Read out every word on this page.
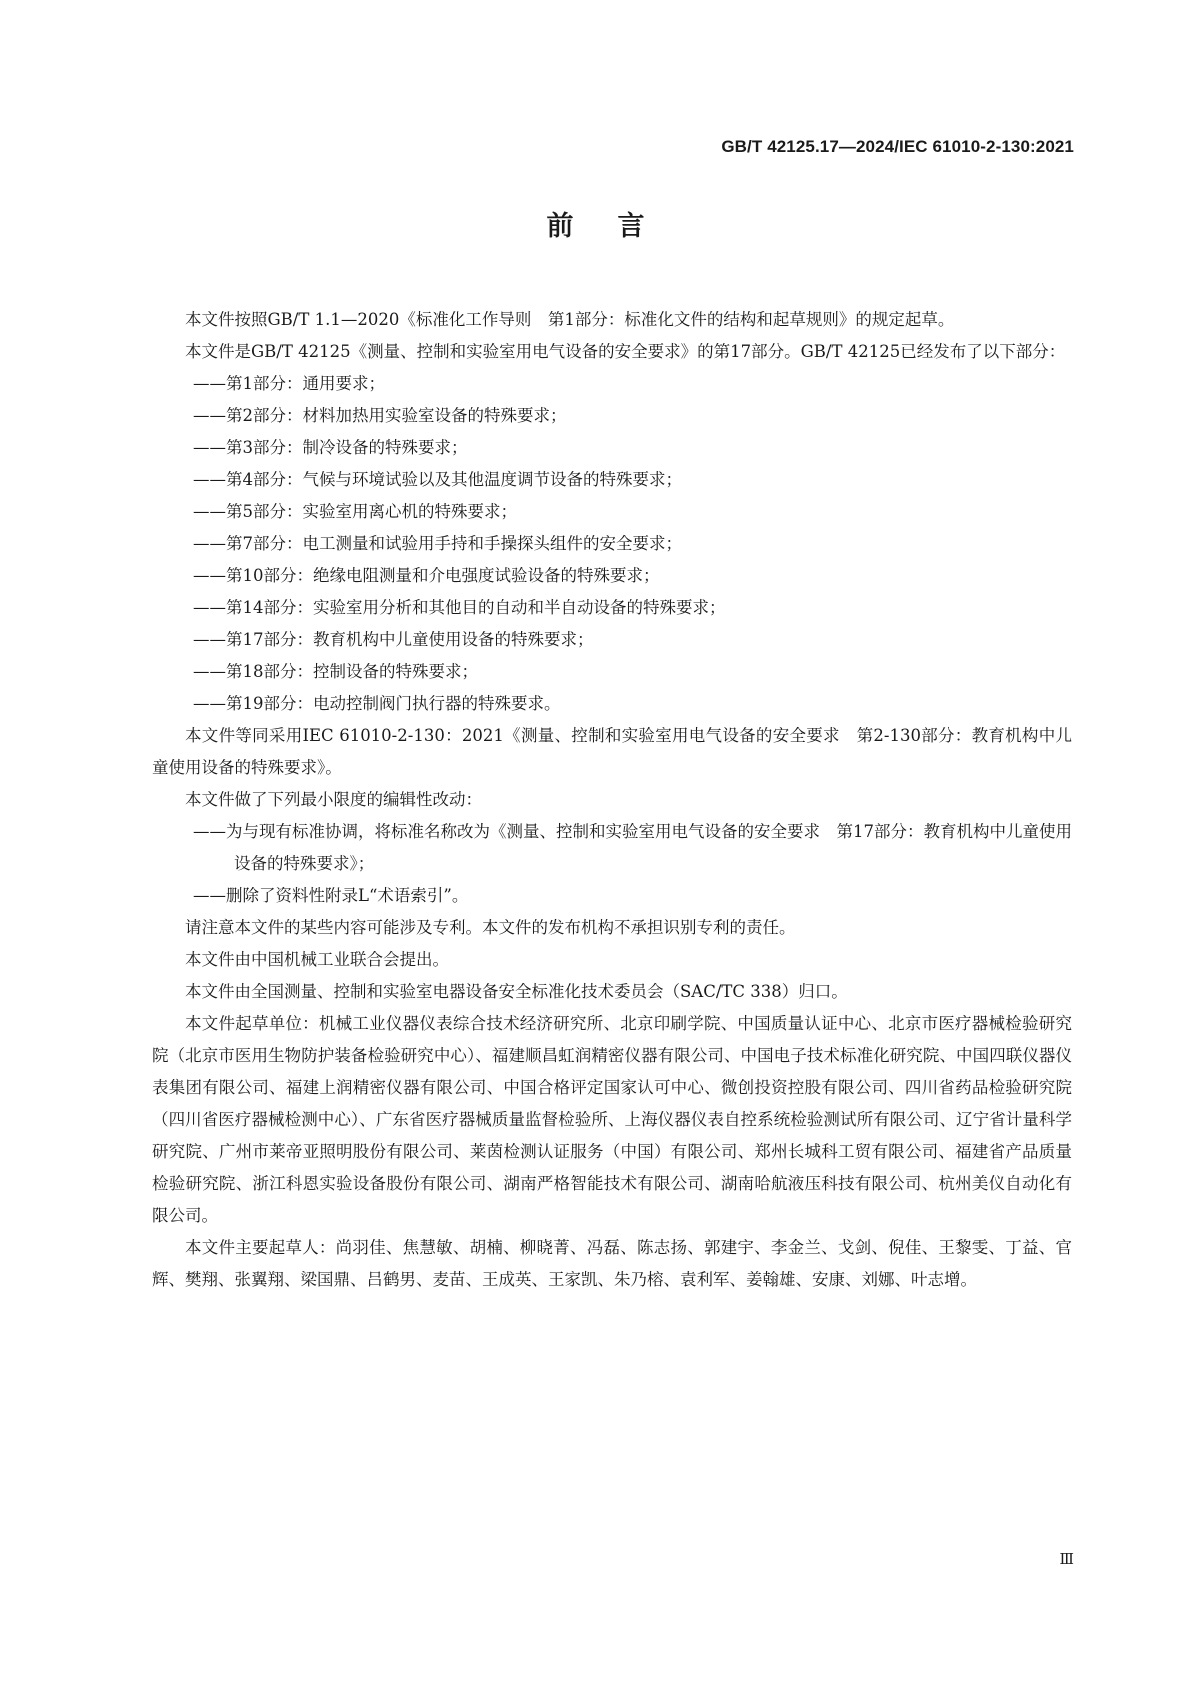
GB/T 42125.17—2024/IEC 61010-2-130:2021
前言

本文件按照GB/T 1.1—2020《标准化工作导则　第1部分：标准化文件的结构和起草规则》的规定起草。

本文件是GB/T 42125《测量、控制和实验室用电气设备的安全要求》的第17部分。GB/T 42125已经发布了以下部分：

——第1部分：通用要求；

——第2部分：材料加热用实验室设备的特殊要求；

——第3部分：制冷设备的特殊要求；

——第4部分：气候与环境试验以及其他温度调节设备的特殊要求；

——第5部分：实验室用离心机的特殊要求；

——第7部分：电工测量和试验用手持和手操探头组件的安全要求；

——第10部分：绝缘电阻测量和介电强度试验设备的特殊要求；

——第14部分：实验室用分析和其他目的自动和半自动设备的特殊要求；

——第17部分：教育机构中儿童使用设备的特殊要求；

——第18部分：控制设备的特殊要求；

——第19部分：电动控制阀门执行器的特殊要求。

本文件等同采用IEC 61010-2-130：2021《测量、控制和实验室用电气设备的安全要求　第2-130部分：教育机构中儿童使用设备的特殊要求》。

本文件做了下列最小限度的编辑性改动：

——为与现有标准协调，将标准名称改为《测量、控制和实验室用电气设备的安全要求　第17部分：教育机构中儿童使用设备的特殊要求》；

——删除了资料性附录L“术语索引”。

请注意本文件的某些内容可能涉及专利。本文件的发布机构不承担识别专利的责任。

本文件由中国机械工业联合会提出。

本文件由全国测量、控制和实验室电器设备安全标准化技术委员会（SAC/TC 338）归口。

本文件起草单位：机械工业仪器仪表综合技术经济研究所、北京印刷学院、中国质量认证中心、北京市医疗器械检验研究院（北京市医用生物防护装备检验研究中心）、福建顺昌虹润精密仪器有限公司、中国电子技术标准化研究院、中国四联仪器仪表集团有限公司、福建上润精密仪器有限公司、中国合格评定国家认可中心、微创投资控股有限公司、四川省药品检验研究院（四川省医疗器械检测中心）、广东省医疗器械质量监督检验所、上海仪器仪表自控系统检验测试所有限公司、辽宁省计量科学研究院、广州市莱帝亚照明股份有限公司、莱茵检测认证服务（中国）有限公司、郑州长城科工贸有限公司、福建省产品质量检验研究院、浙江科恩实验设备股份有限公司、湖南严格智能技术有限公司、湖南哈航液压科技有限公司、杭州美仪自动化有限公司。

本文件主要起草人：尚羽佳、焦慧敏、胡楠、柳晓菁、冯磊、陈志扬、郭建宇、李金兰、戈剑、倪佳、王黎雯、丁益、官辉、樊翔、张翼翔、梁国鼎、吕鹤男、麦苗、王成英、王家凯、朱乃榕、袁利军、姜翰雄、安康、刘娜、叶志增。

Ⅲ
